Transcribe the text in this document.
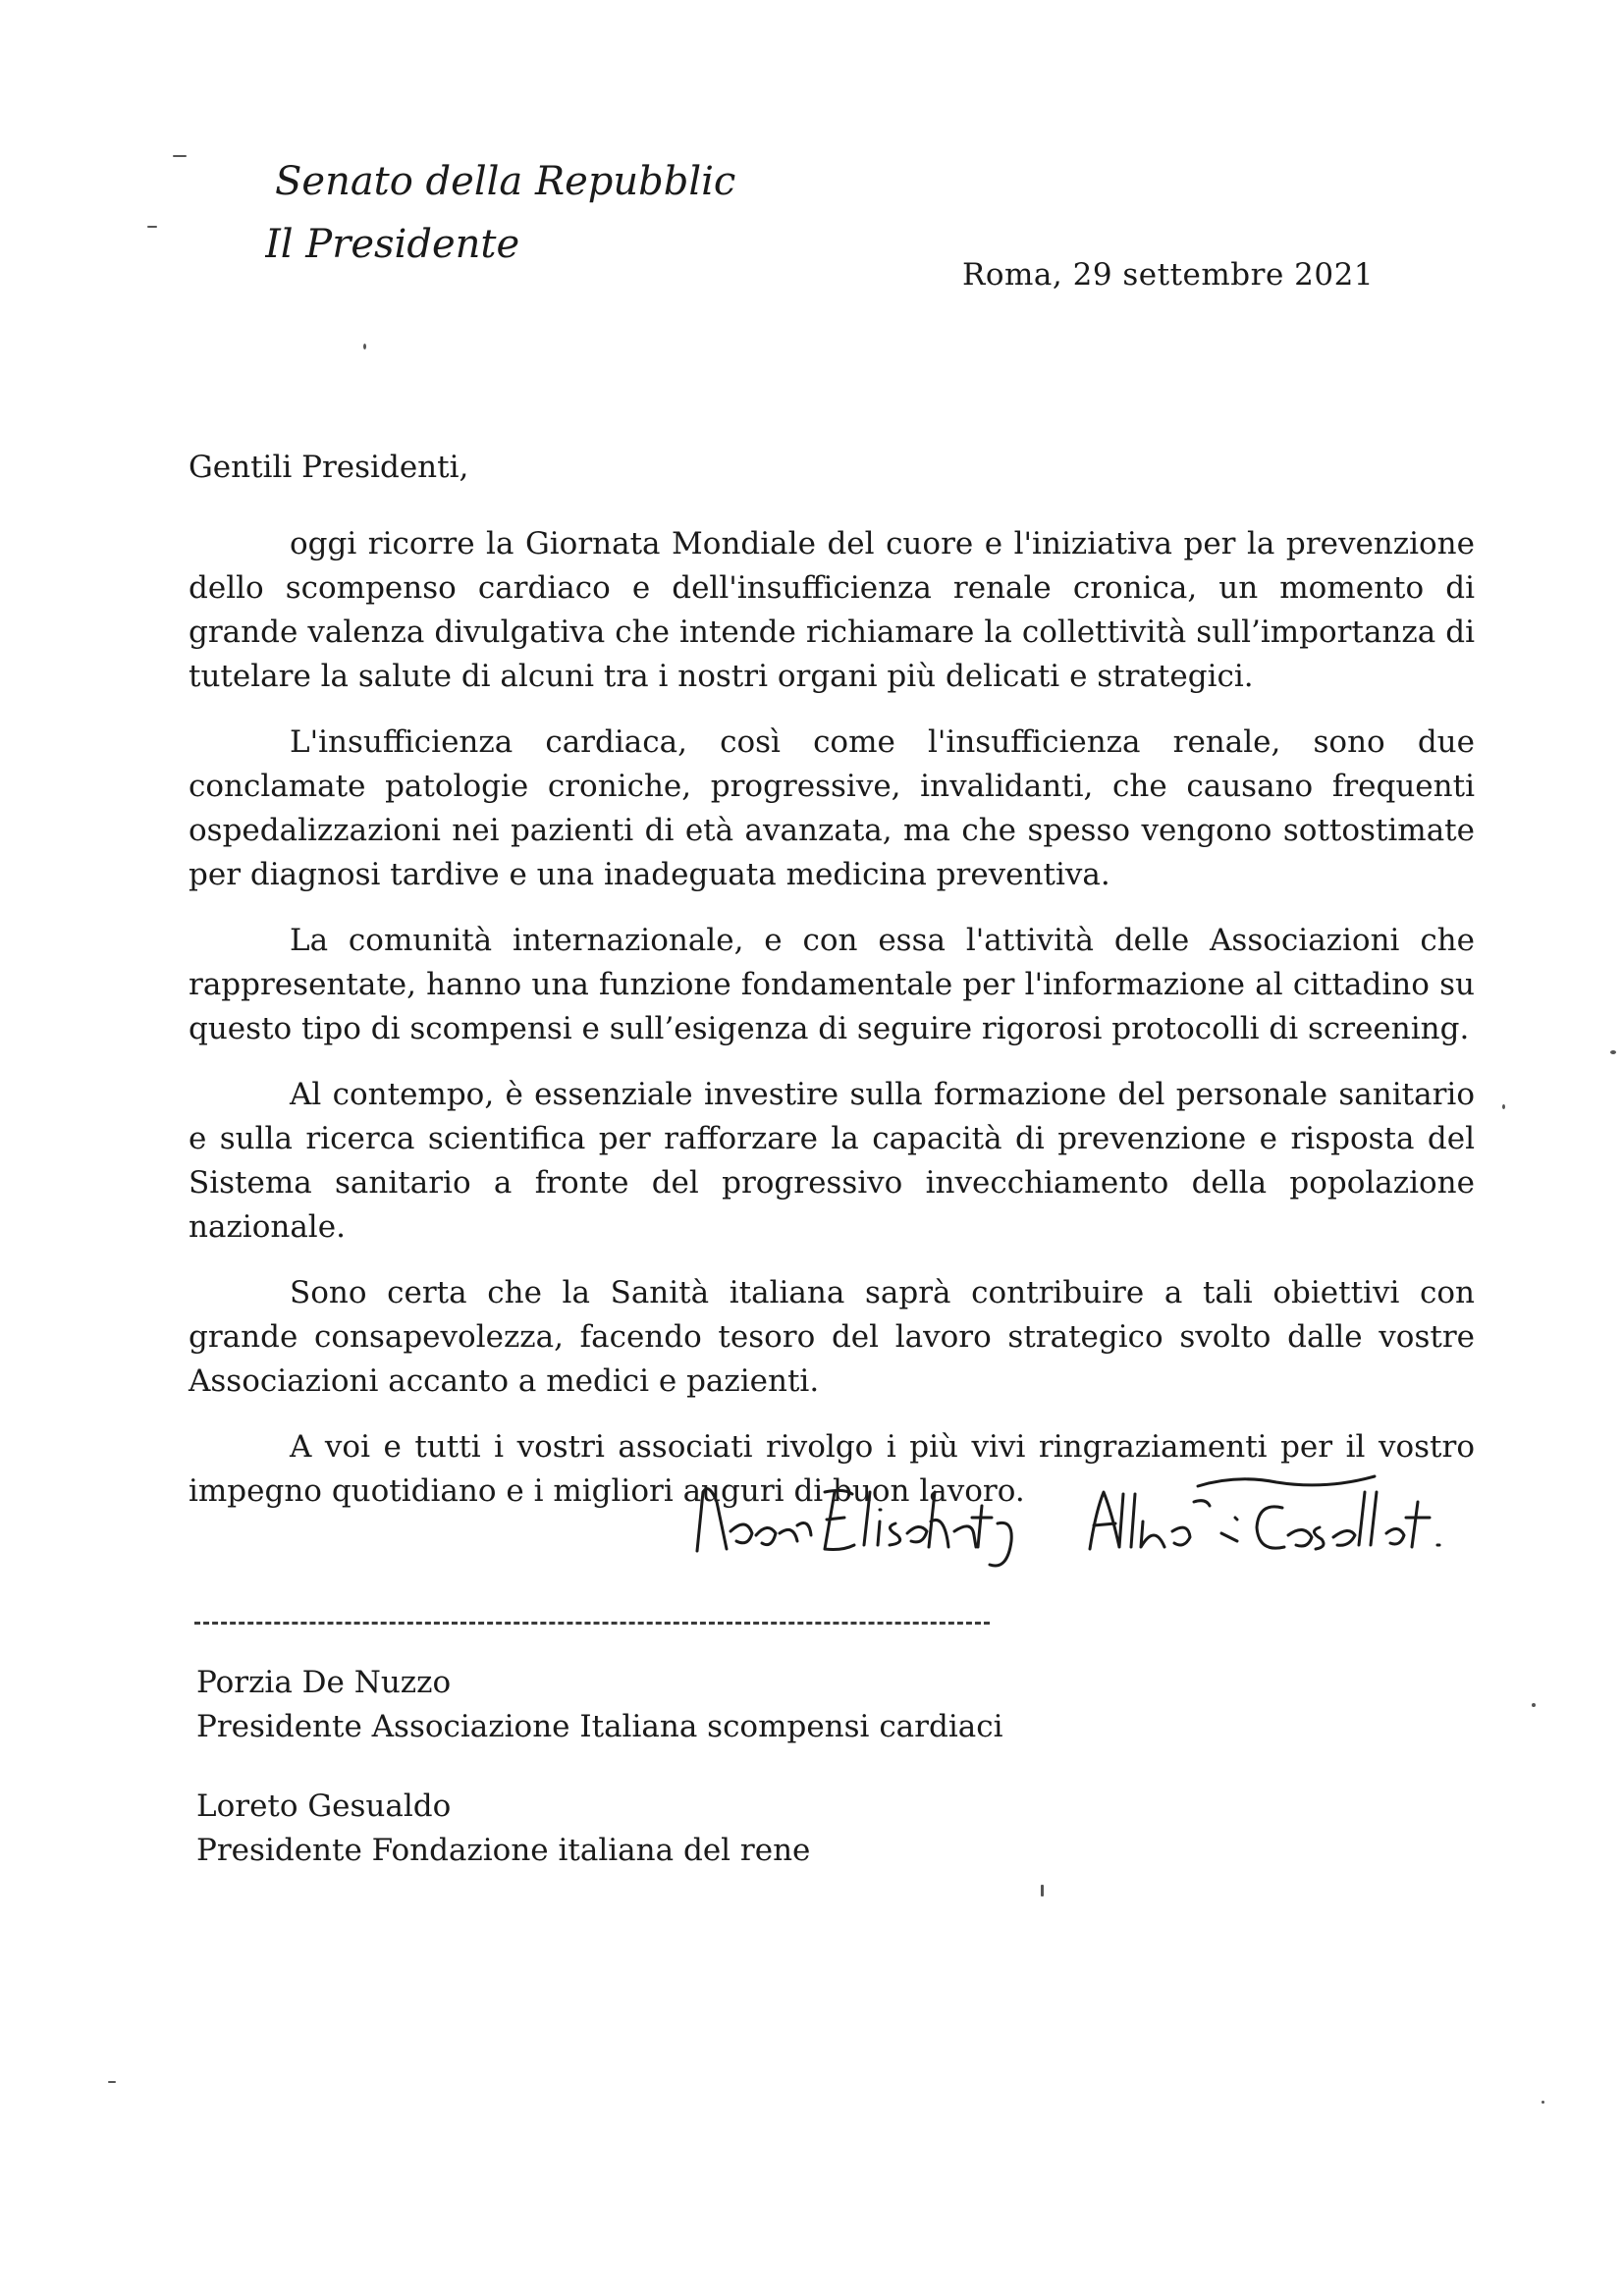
Senato della Repubblica
Il Presidente
Roma, 29 settembre 2021
Gentili Presidenti,

oggi ricorre la Giornata Mondiale del cuore e l'iniziativa per la prevenzione dello scompenso cardiaco e dell'insufficienza renale cronica, un momento di grande valenza divulgativa che intende richiamare la collettività sull’importanza di tutelare la salute di alcuni tra i nostri organi più delicati e strategici.

L'insufficienza cardiaca, così come l'insufficienza renale, sono due conclamate patologie croniche, progressive, invalidanti, che causano frequenti ospedalizzazioni nei pazienti di età avanzata, ma che spesso vengono sottostimate per diagnosi tardive e una inadeguata medicina preventiva.

La comunità internazionale, e con essa l'attività delle Associazioni che rappresentate, hanno una funzione fondamentale per l'informazione al cittadino su questo tipo di scompensi e sull’esigenza di seguire rigorosi protocolli di screening.

Al contempo, è essenziale investire sulla formazione del personale sanitario e sulla ricerca scientifica per rafforzare la capacità di prevenzione e risposta del Sistema sanitario a fronte del progressivo invecchiamento della popolazione nazionale.

Sono certa che la Sanità italiana saprà contribuire a tali obiettivi con grande consapevolezza, facendo tesoro del lavoro strategico svolto dalle vostre Associazioni accanto a medici e pazienti.

A voi e tutti i vostri associati rivolgo i più vivi ringraziamenti per il vostro impegno quotidiano e i migliori auguri di buon lavoro.

Porzia De Nuzzo
Presidente Associazione Italiana scompensi cardiaci
Loreto Gesualdo
Presidente Fondazione italiana del rene
